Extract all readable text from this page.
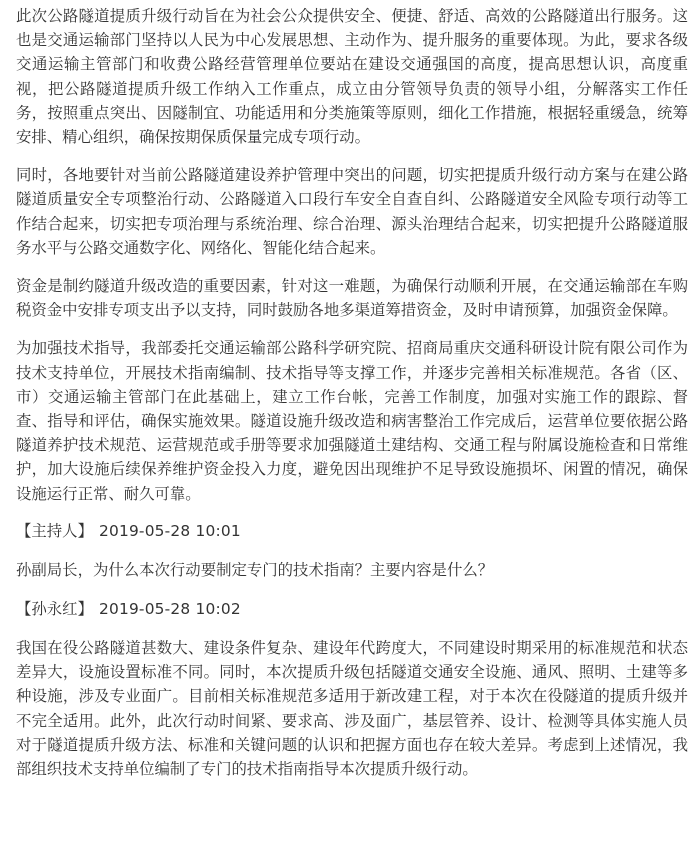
此次公路隧道提质升级行动旨在为社会公众提供安全、便捷、舒适、高效的公路隧道出行服务。这也是交通运输部门坚持以人民为中心发展思想、主动作为、提升服务的重要体现。为此，要求各级交通运输主管部门和收费公路经营管理单位要站在建设交通强国的高度，提高思想认识，高度重视，把公路隧道提质升级工作纳入工作重点，成立由分管领导负责的领导小组，分解落实工作任务，按照重点突出、因隧制宜、功能适用和分类施策等原则，细化工作措施，根据轻重缓急，统筹安排、精心组织，确保按期保质保量完成专项行动。

同时，各地要针对当前公路隧道建设养护管理中突出的问题，切实把提质升级行动方案与在建公路隧道质量安全专项整治行动、公路隧道入口段行车安全自查自纠、公路隧道安全风险专项行动等工作结合起来，切实把专项治理与系统治理、综合治理、源头治理结合起来，切实把提升公路隧道服务水平与公路交通数字化、网络化、智能化结合起来。

资金是制约隧道升级改造的重要因素，针对这一难题，为确保行动顺利开展，在交通运输部在车购税资金中安排专项支出予以支持，同时鼓励各地多渠道筹措资金，及时申请预算，加强资金保障。

为加强技术指导，我部委托交通运输部公路科学研究院、招商局重庆交通科研设计院有限公司作为技术支持单位，开展技术指南编制、技术指导等支撑工作，并逐步完善相关标准规范。各省（区、市）交通运输主管部门在此基础上，建立工作台帐，完善工作制度，加强对实施工作的跟踪、督查、指导和评估，确保实施效果。隧道设施升级改造和病害整治工作完成后，运营单位要依据公路隧道养护技术规范、运营规范或手册等要求加强隧道土建结构、交通工程与附属设施检查和日常维护，加大设施后续保养维护资金投入力度，避免因出现维护不足导致设施损坏、闲置的情况，确保设施运行正常、耐久可靠。

【主持人】 2019-05-28 10:01

孙副局长，为什么本次行动要制定专门的技术指南？主要内容是什么？

【孙永红】 2019-05-28 10:02

我国在役公路隧道甚数大、建设条件复杂、建设年代跨度大，不同建设时期采用的标准规范和状态差异大，设施设置标准不同。同时，本次提质升级包括隧道交通安全设施、通风、照明、土建等多种设施，涉及专业面广。目前相关标准规范多适用于新改建工程，对于本次在役隧道的提质升级并不完全适用。此外，此次行动时间紧、要求高、涉及面广，基层管养、设计、检测等具体实施人员对于隧道提质升级方法、标准和关键问题的认识和把握方面也存在较大差异。考虑到上述情况，我部组织技术支持单位编制了专门的技术指南指导本次提质升级行动。
